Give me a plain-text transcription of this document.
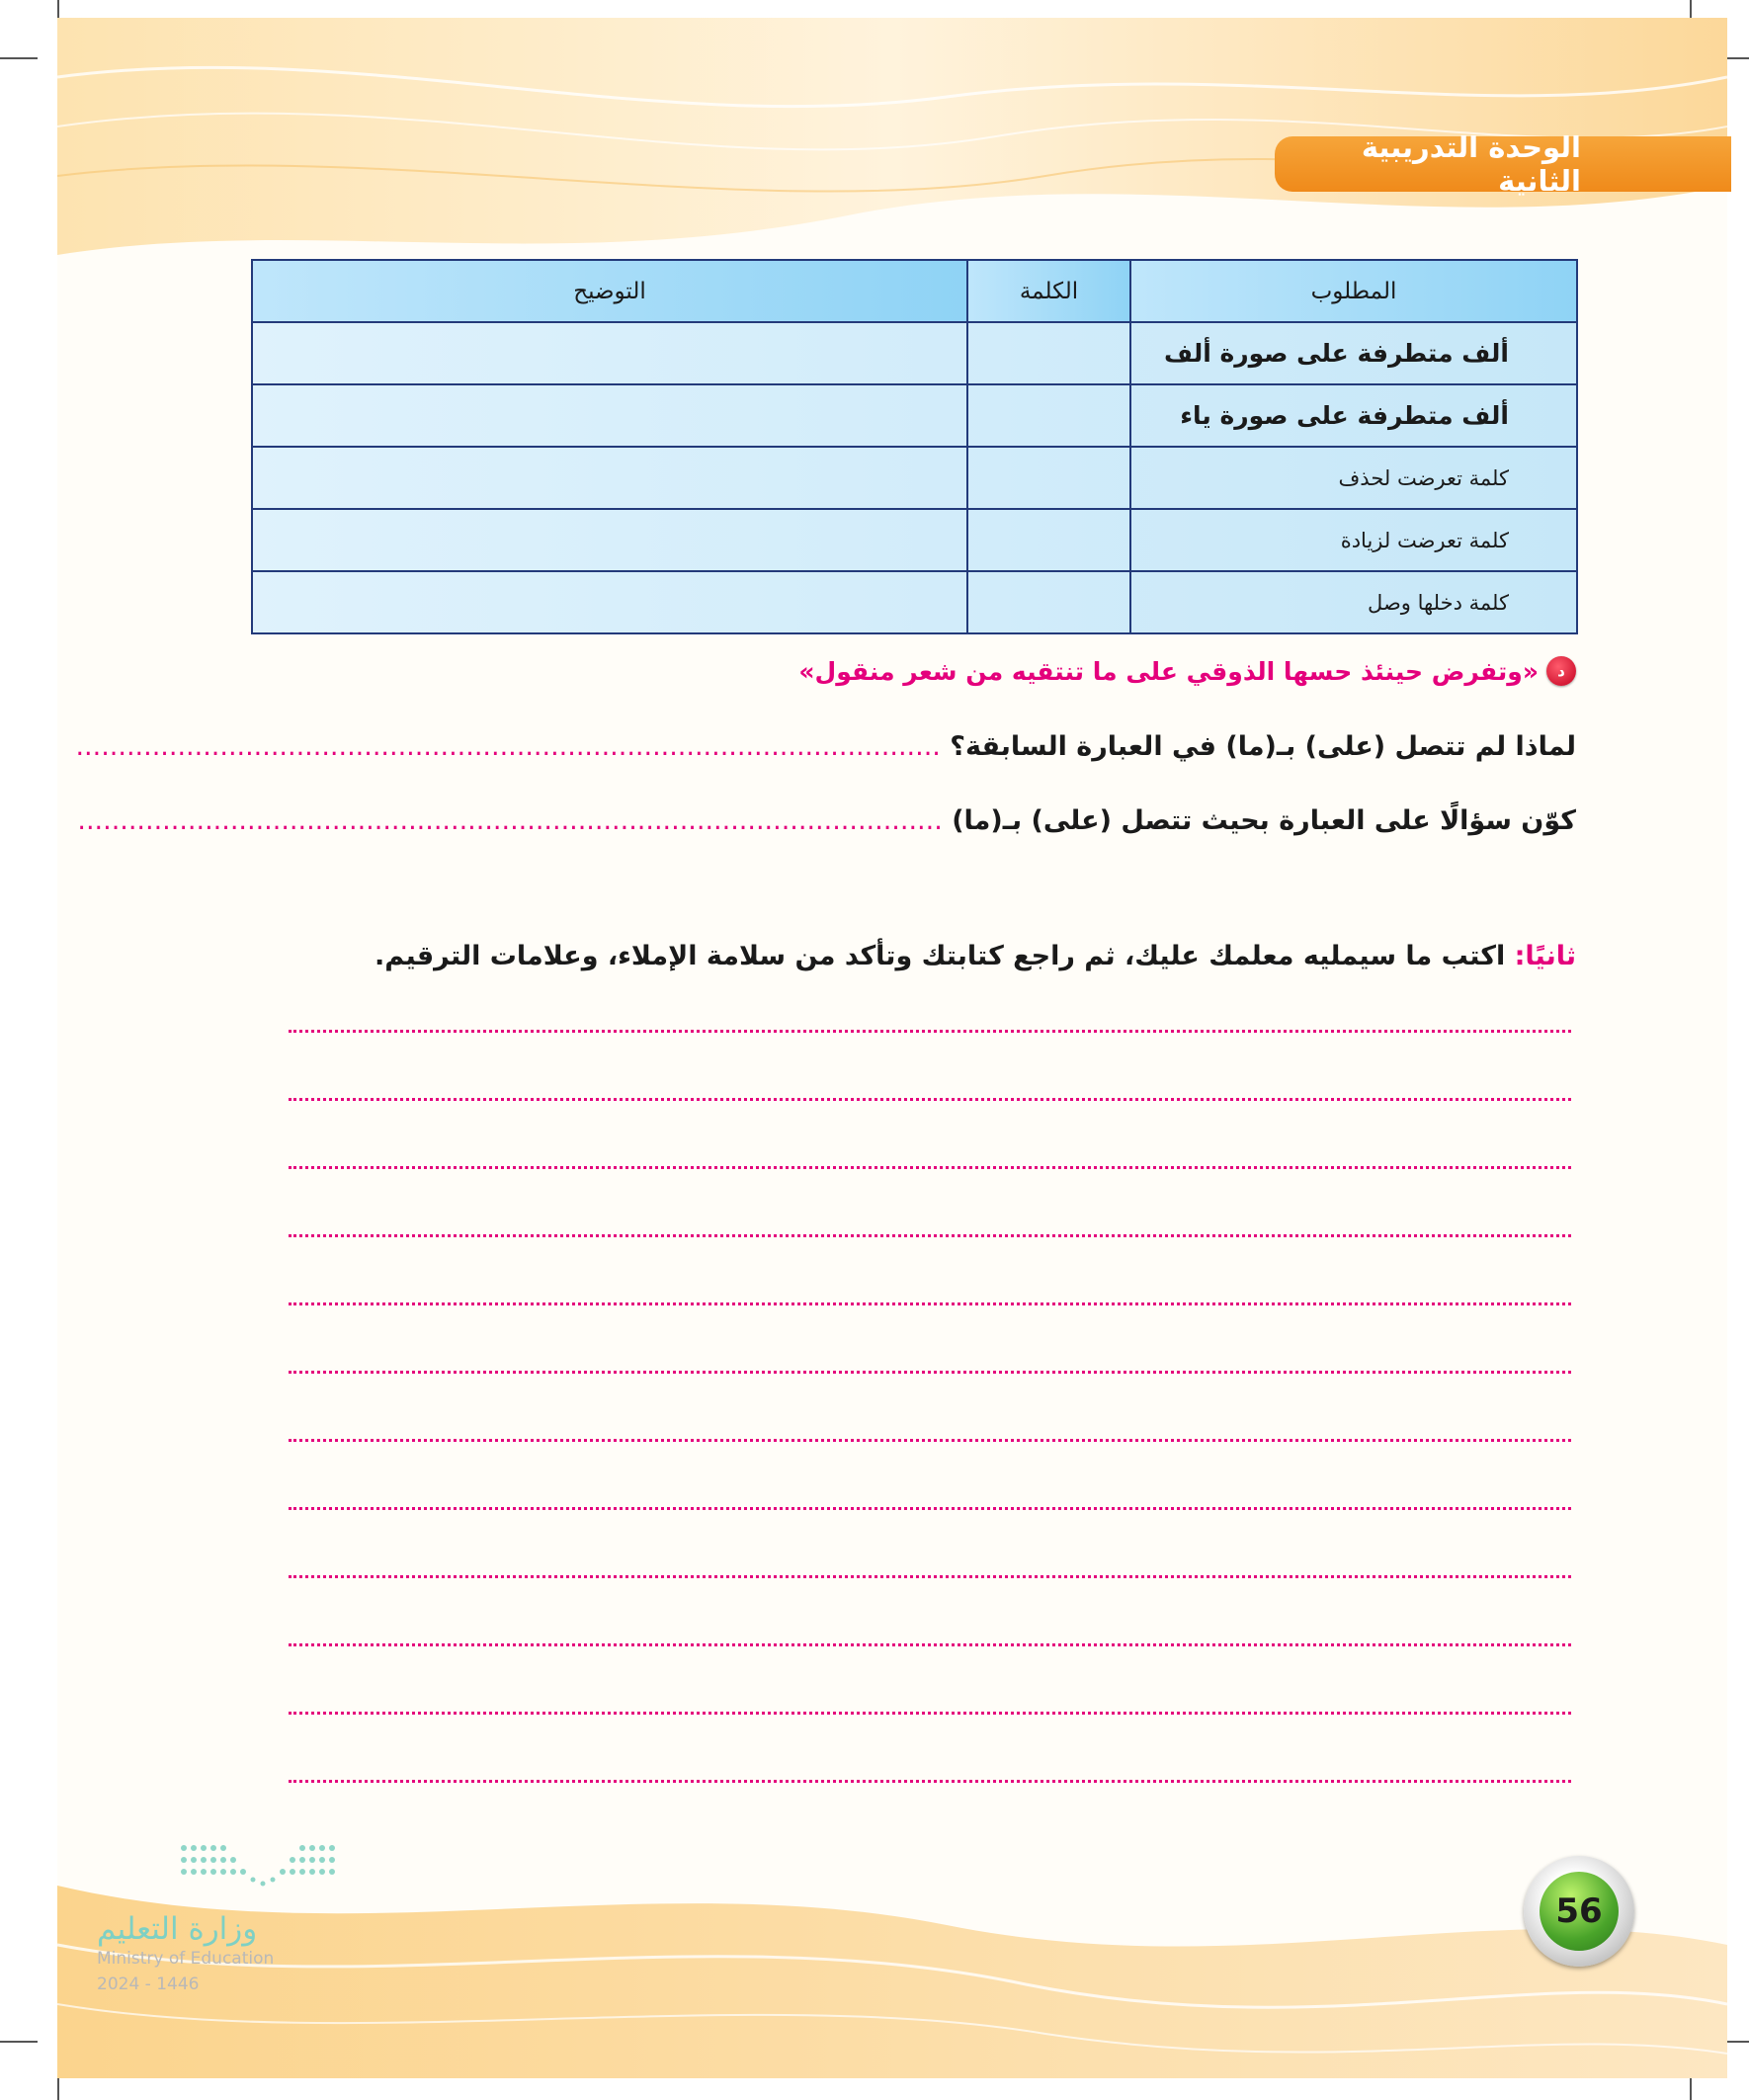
الوحدة التدريبية الثانية
المطلوب	الكلمة	التوضيح
ألف متطرفة على صورة ألف		
ألف متطرفة على صورة ياء		
كلمة تعرضت لحذف		
كلمة تعرضت لزيادة		
كلمة دخلها وصل		
د
«وتفرض حينئذ حسها الذوقي على ما تنتقيه من شعر منقول»
لماذا لم تتصل (على) بـ(ما) في العبارة السابقة؟ ......................................................................................................
كوّن سؤالًا على العبارة بحيث تتصل (على) بـ(ما) ......................................................................................................
ثانيًا: اكتب ما سيمليه معلمك عليك، ثم راجع كتابتك وتأكد من سلامة الإملاء، وعلامات الترقيم.
وزارة التعليم
Ministry of Education
2024 - 1446
56
